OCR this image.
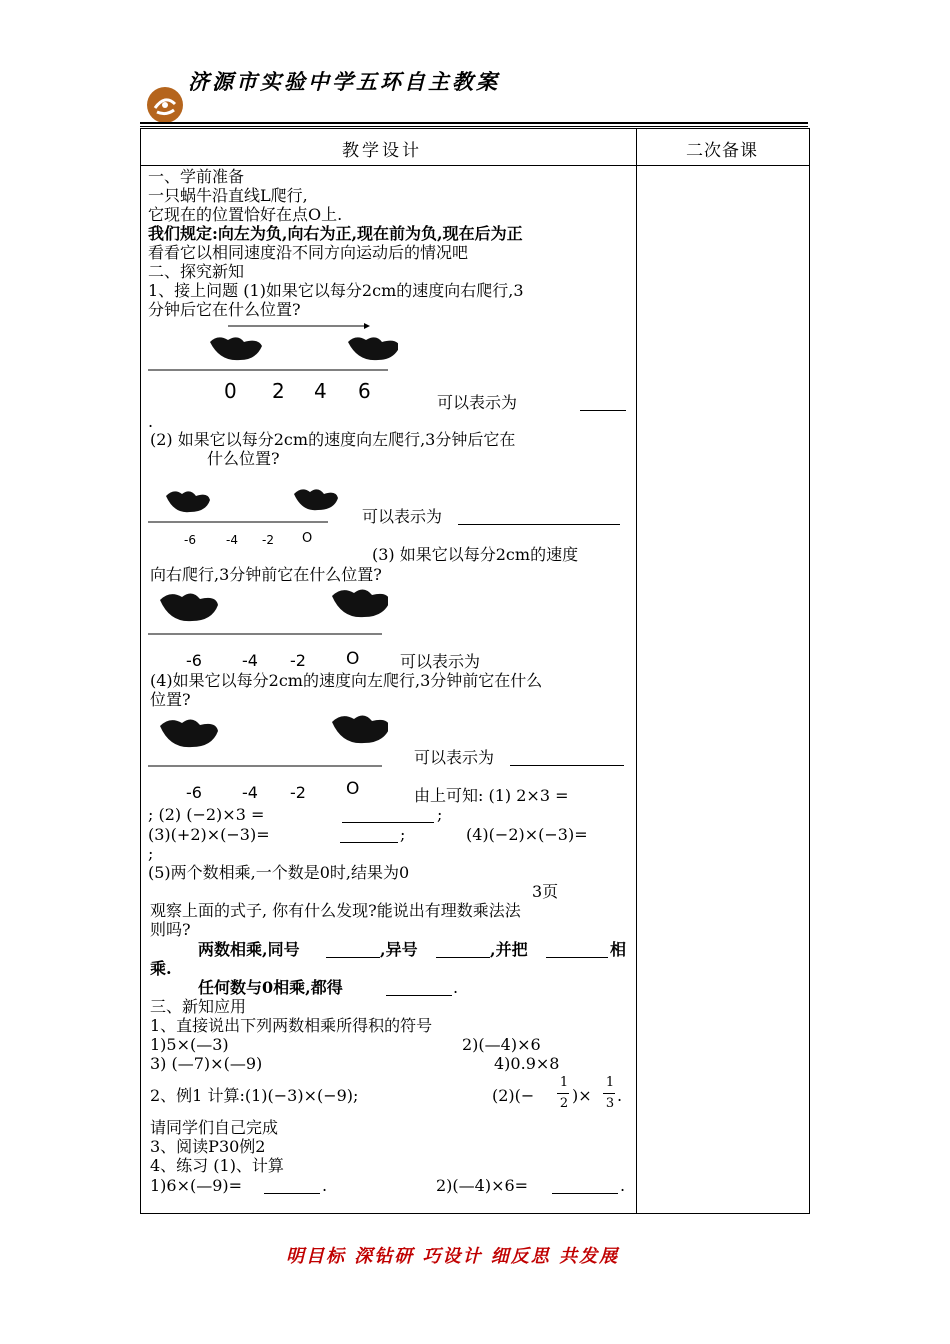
济源市实验中学五环自主教案
教学设计	二次备课
一、学前准备
一只蜗牛沿直线L爬行,
它现在的位置恰好在点O上.
我们规定:向左为负,向右为正,现在前为负,现在后为正
看看它以相同速度沿不同方向运动后的情况吧
二、探究新知
1、接上问题 (1)如果它以每分2cm的速度向右爬行,3
分钟后它在什么位置?
0 2 4 6	可以表示为
.
(2) 如果它以每分2cm的速度向左爬行,3分钟后它在
什么位置?
-6	-4 -2 O
可以表示为
(3) 如果它以每分2cm的速度
向右爬行,3分钟前它在什么位置?
-6	-4 -2 O	可以表示为
(4)如果它以每分2cm的速度向左爬行,3分钟前它在什么
位置?
-6	-4 -2 O
可以表示为
由上可知: (1) 2×3 =
; (2) (−2)×3 =	;
(3)(+2)×(−3)=	;	(4)(−2)×(−3)=
;
(5)两个数相乘,一个数是0时,结果为0
3页
观察上面的式子, 你有什么发现?能说出有理数乘法法
则吗?
两数相乘,同号	,异号	,并把	相
乘.
任何数与0相乘,都得	.
三、新知应用
1、直接说出下列两数相乘所得积的符号
1)5×(—3)	2)(—4)×6
3) (—7)×(—9)	4)0.9×8
2、例1 计算:(1)(−3)×(−9);	(2)(−
1
2 )×
1
3 .
请同学们自己完成
3、阅读P30例2
4、练习 (1)、计算
1)6×(—9)=	.	2)(—4)×6=	.
明目标 深钻研 巧设计 细反思 共发展
